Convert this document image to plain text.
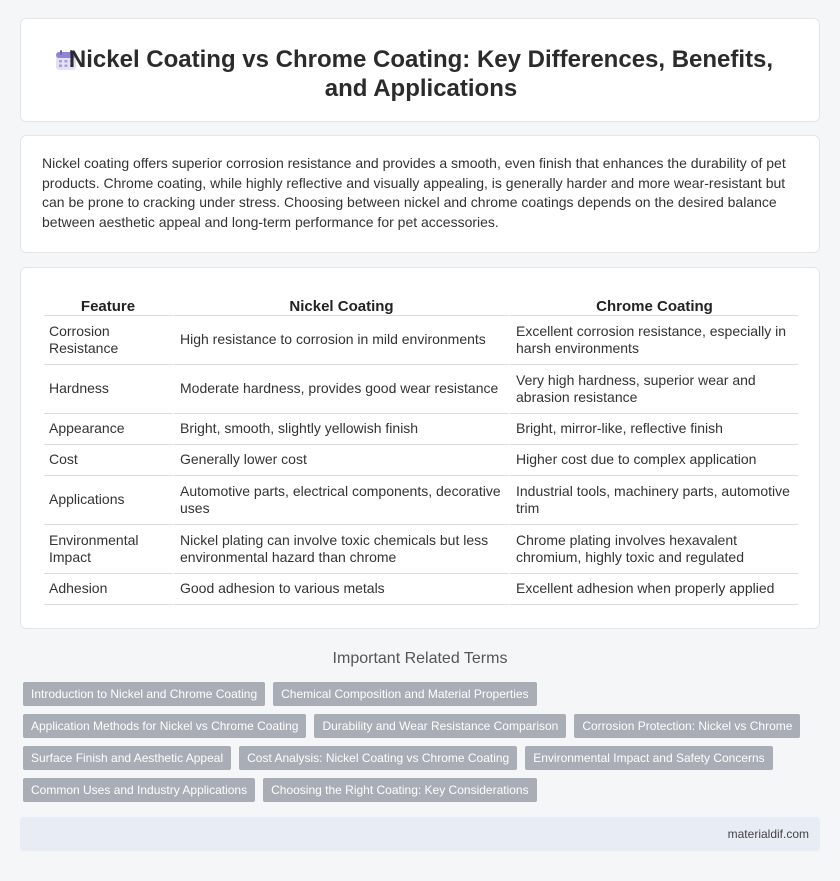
Nickel Coating vs Chrome Coating: Key Differences, Benefits, and Applications

Nickel coating offers superior corrosion resistance and provides a smooth, even finish that enhances the durability of pet products. Chrome coating, while highly reflective and visually appealing, is generally harder and more wear-resistant but can be prone to cracking under stress. Choosing between nickel and chrome coatings depends on the desired balance between aesthetic appeal and long-term performance for pet accessories.

Feature	Nickel Coating	Chrome Coating
Corrosion Resistance	High resistance to corrosion in mild environments	Excellent corrosion resistance, especially in harsh environments
Hardness	Moderate hardness, provides good wear resistance	Very high hardness, superior wear and abrasion resistance
Appearance	Bright, smooth, slightly yellowish finish	Bright, mirror-like, reflective finish
Cost	Generally lower cost	Higher cost due to complex application
Applications	Automotive parts, electrical components, decorative uses	Industrial tools, machinery parts, automotive trim
Environmental Impact	Nickel plating can involve toxic chemicals but less environmental hazard than chrome	Chrome plating involves hexavalent chromium, highly toxic and regulated
Adhesion	Good adhesion to various metals	Excellent adhesion when properly applied
Important Related Terms
Introduction to Nickel and Chrome Coating	Chemical Composition and Material Properties
Application Methods for Nickel vs Chrome Coating	Durability and Wear Resistance Comparison	Corrosion Protection: Nickel vs Chrome
Surface Finish and Aesthetic Appeal	Cost Analysis: Nickel Coating vs Chrome Coating	Environmental Impact and Safety Concerns
Common Uses and Industry Applications	Choosing the Right Coating: Key Considerations
materialdif.com
